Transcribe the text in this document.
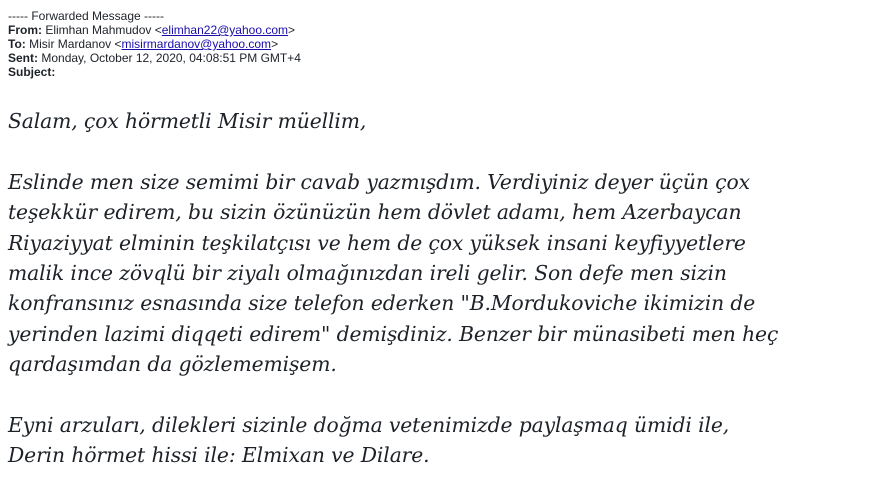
----- Forwarded Message -----
From: Elimhan Mahmudov <elimhan22@yahoo.com>
To: Misir Mardanov <misirmardanov@yahoo.com>
Sent: Monday, October 12, 2020, 04:08:51 PM GMT+4
Subject:

Salam, çox hörmetli Misir müellim,

Eslinde men size semimi bir cavab yazmışdım. Verdiyiniz deyer üçün çox
teşekkür edirem, bu sizin özünüzün hem dövlet adamı, hem Azerbaycan
Riyaziyyat elminin teşkilatçısı ve hem de çox yüksek insani keyfiyyetlere
malik ince zövqlü bir ziyalı olmağınızdan ireli gelir. Son defe men sizin
konfransınız esnasında size telefon ederken "B.Mordukoviche ikimizin de
yerinden lazimi diqqeti edirem" demişdiniz. Benzer bir münasibeti men heç
qardaşımdan da gözlememişem.
Eyni arzuları, dilekleri sizinle doğma vetenimizde paylaşmaq ümidi ile,
Derin hörmet hissi ile: Elmixan ve Dilare.
